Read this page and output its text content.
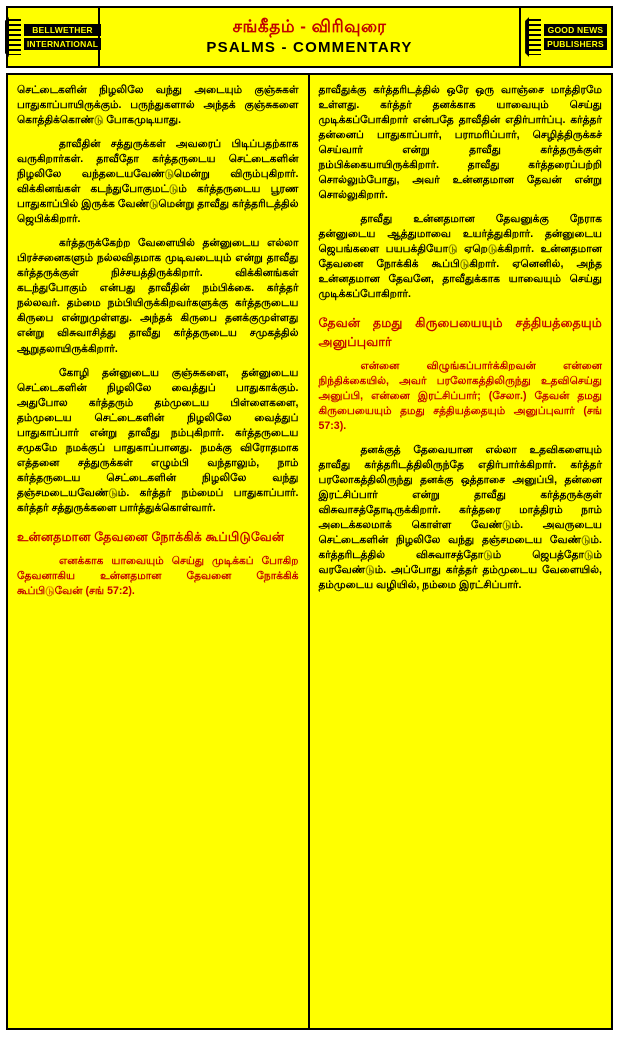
BELLWETHER
INTERNATIONAL
சங்கீதம் - விரிவுரை
PSALMS - COMMENTARY
GOOD NEWS
PUBLISHERS

செட்டைகளின் நிழலிலே வந்து அடையும் குஞ்சுகள் பாதுகாப்பாயிருக்கும். பருந்துகளால் அந்தக் குஞ்சுகளை கொத்திக்கொண்டு போகமுடியாது.

தாவீதின் சத்துருக்கள் அவரைப் பிடிப்பதற்காக வருகிறார்கள். தாவீதோ கர்த்தருடைய செட்டைகளின் நிழலிலே வந்தடையவேண்டுமென்று விரும்புகிறார். விக்கினங்கள் கடந்துபோகுமட்டும் கர்த்தருடைய பூரண பாதுகாப்பில் இருக்க வேண்டுமென்று தாவீது கர்த்தரிடத்தில் ஜெபிக்கிறார்.

கர்த்தருக்கேற்ற வேளையில் தன்னுடைய எல்லா பிரச்சனைகளும் நல்லவிதமாக முடிவடையும் என்று தாவீது கர்த்தருக்குள் நிச்சயத்திருக்கிறார். விக்கினங்கள் கடந்துபோகும் என்பது தாவீதின் நம்பிக்கை. கர்த்தர் நல்லவர். தம்மை நம்பியிருக்கிறவர்களுக்கு கர்த்தருடைய கிருபை என்றுமுள்ளது. அந்தக் கிருபை தனக்குமுள்ளது என்று விசுவாசித்து தாவீது கர்த்தருடைய சமுகத்தில் ஆறுதலாயிருக்கிறார்.

கோழி தன்னுடைய குஞ்சுகளை, தன்னுடைய செட்டைகளின் நிழலிலே வைத்துப் பாதுகாக்கும். அதுபோல கர்த்தரும் தம்முடைய பிள்ளைகளை, தம்முடைய செட்டைகளின் நிழலிலே வைத்துப் பாதுகாப்பார் என்று தாவீது நம்புகிறார். கர்த்தருடைய சமுகமே நமக்குப் பாதுகாப்பானது. நமக்கு விரோதமாக எத்தனை சத்துருக்கள் எழும்பி வந்தாலும், நாம் கர்த்தருடைய செட்டைகளின் நிழலிலே வந்து தஞ்சமடையவேண்டும். கர்த்தர் நம்மைப் பாதுகாப்பார். கர்த்தர் சத்துருக்களை பார்த்துக்கொள்வார்.

உன்னதமான தேவனை நோக்கிக் கூப்பிடுவேன்
எனக்காக யாவையும் செய்து முடிக்கப் போகிற தேவனாகிய உன்னதமான தேவனை நோக்கிக் கூப்பிடுவேன் (சங் 57:2).

தாவீதுக்கு கர்த்தரிடத்தில் ஒரே ஒரு வாஞ்சை மாத்திரமே உள்ளது. கர்த்தர் தனக்காக யாவையும் செய்து முடிக்கப்போகிறார் என்பதே தாவீதின் எதிர்பார்ப்பு. கர்த்தர் தன்னைப் பாதுகாப்பார், பராமரிப்பார், செழித்திருக்கச் செய்வார் என்று தாவீது கர்த்தருக்குள் நம்பிக்கையாயிருக்கிறார். தாவீது கர்த்தரைப்பற்றி சொல்லும்போது, அவர் உன்னதமான தேவன் என்று சொல்லுகிறார்.

தாவீது உன்னதமான தேவனுக்கு நேராக தன்னுடைய ஆத்துமாவை உயர்த்துகிறார். தன்னுடைய ஜெபங்களை பயபக்தியோடு ஏறெடுக்கிறார். உன்னதமான தேவனை நோக்கிக் கூப்பிடுகிறார். ஏனெனில், அந்த உன்னதமான தேவனே, தாவீதுக்காக யாவையும் செய்து முடிக்கப்போகிறார்.

தேவன் தமது கிருபையையும் சத்தியத்தையும் அனுப்புவார்
என்னை விழுங்கப்பார்க்கிறவன் என்னை நிந்திக்கையில், அவர் பரலோகத்திலிருந்து உதவிசெய்து அனுப்பி, என்னை இரட்சிப்பார்; (சேலா.) தேவன் தமது கிருபையையும் தமது சத்தியத்தையும் அனுப்புவார் (சங் 57:3).

தனக்குத் தேவையான எல்லா உதவிகளையும் தாவீது கர்த்தரிடத்திலிருந்தே எதிர்பார்க்கிறார். கர்த்தர் பரலோகத்திலிருந்து தனக்கு ஒத்தாசை அனுப்பி, தன்னை இரட்சிப்பார் என்று தாவீது கர்த்தருக்குள் விசுவாசத்தோடிருக்கிறார். கர்த்தரை மாத்திரம் நாம் அடைக்கலமாக் கொள்ள வேண்டும். அவருடைய செட்டைகளின் நிழலிலே வந்து தஞ்சமடைய வேண்டும். கர்த்தரிடத்தில் விசுவாசத்தோடும் ஜெபத்தோடும் வரவேண்டும். அப்போது கர்த்தர் தம்முடைய வேளையில், தம்முடைய வழியில், நம்மை இரட்சிப்பார்.
